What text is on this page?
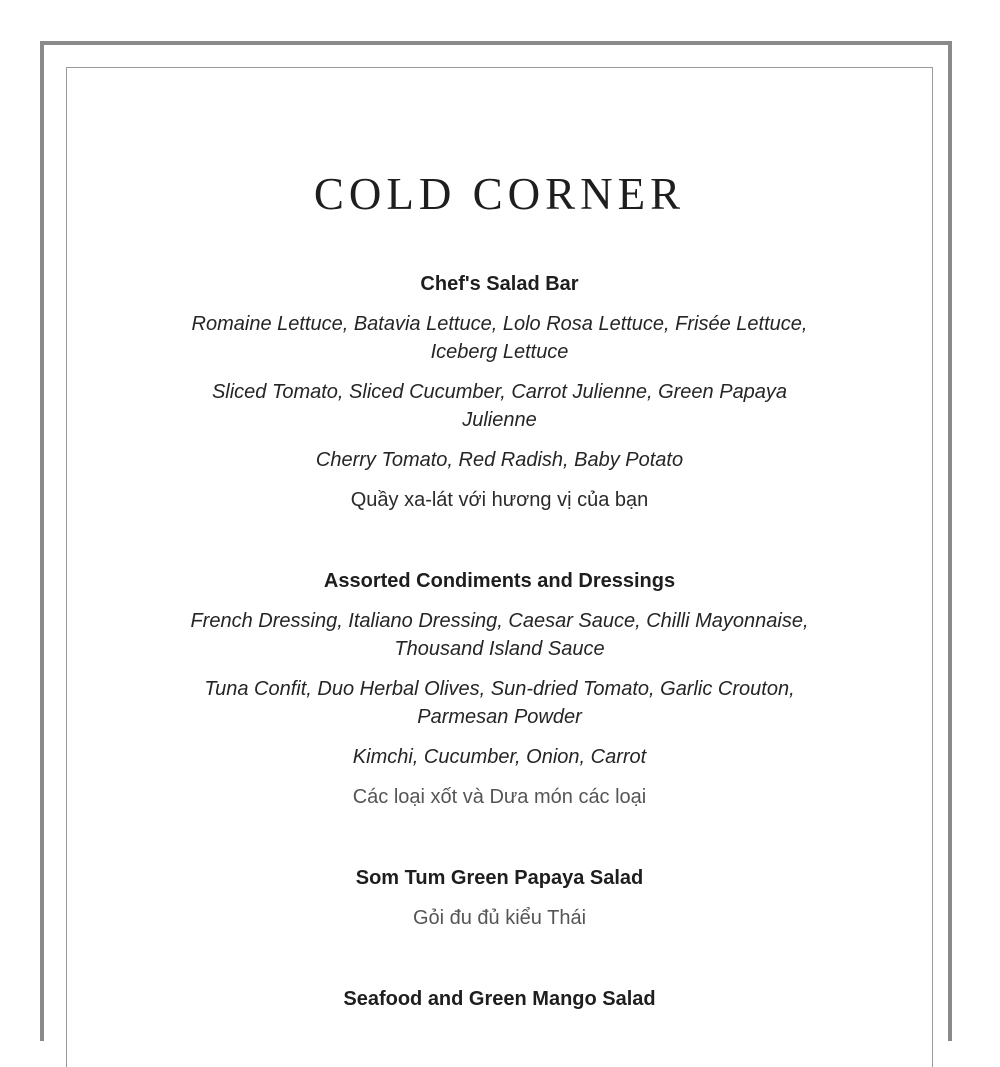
COLD CORNER

Chef's Salad Bar

Romaine Lettuce, Batavia Lettuce, Lolo Rosa Lettuce, Frisée Lettuce, Iceberg Lettuce

Sliced Tomato, Sliced Cucumber, Carrot Julienne, Green Papaya Julienne

Cherry Tomato, Red Radish, Baby Potato

Quầy xa-lát với hương vị của bạn

Assorted Condiments and Dressings

French Dressing, Italiano Dressing, Caesar Sauce, Chilli Mayonnaise, Thousand Island Sauce

Tuna Confit, Duo Herbal Olives, Sun-dried Tomato, Garlic Crouton, Parmesan Powder

Kimchi, Cucumber, Onion, Carrot

Các loại xốt và Dưa món các loại

Som Tum Green Papaya Salad

Gỏi đu đủ kiểu Thái

Seafood and Green Mango Salad
